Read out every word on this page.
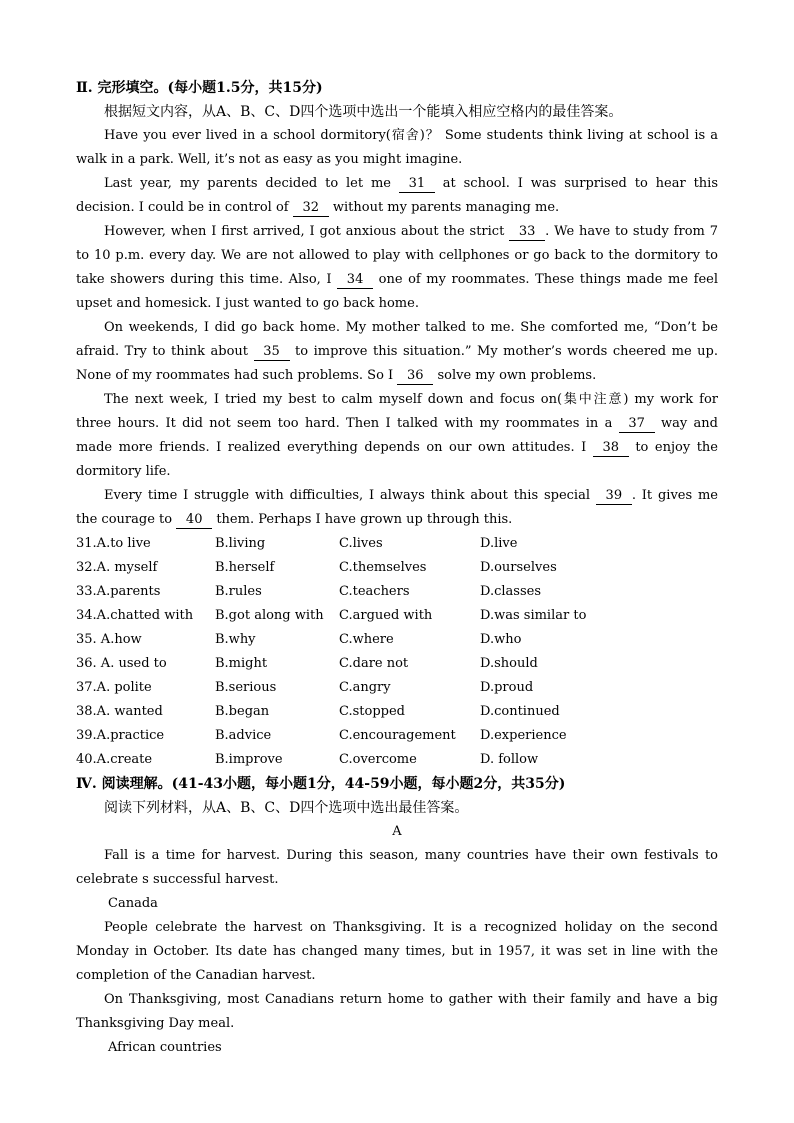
Ⅱ. 完形填空。(每小题1.5分，共15分)
根据短文内容，从A、B、C、D四个选项中选出一个能填入相应空格内的最佳答案。

Have you ever lived in a school dormitory(宿舍)？ Some students think living at school is a walk in a park. Well, it’s not as easy as you might imagine.

Last year, my parents decided to let me 31 at school. I was surprised to hear this decision. I could be in control of 32 without my parents managing me.

However, when I first arrived, I got anxious about the strict 33 . We have to study from 7 to 10 p.m. every day. We are not allowed to play with cellphones or go back to the dormitory to take showers during this time. Also, I 34 one of my roommates. These things made me feel upset and homesick. I just wanted to go back home.

On weekends, I did go back home. My mother talked to me. She comforted me, “Don’t be afraid. Try to think about 35 to improve this situation.” My mother’s words cheered me up. None of my roommates had such problems. So I 36 solve my own problems.

The next week, I tried my best to calm myself down and focus on(集中注意) my work for three hours. It did not seem too hard. Then I talked with my roommates in a 37 way and made more friends. I realized everything depends on our own attitudes. I 38 to enjoy the dormitory life.

Every time I struggle with difficulties, I always think about this special 39 . It gives me the courage to 40 them. Perhaps I have grown up through this.

31.A.to live	B.living	C.lives	D.live
32.A. myself	B.herself	C.themselves	D.ourselves
33.A.parents	B.rules	C.teachers	D.classes
34.A.chatted with	B.got along with	C.argued with	D.was similar to
35. A.how	B.why	C.where	D.who
36. A. used to	B.might	C.dare not	D.should
37.A. polite	B.serious	C.angry	D.proud
38.A. wanted	B.began	C.stopped	D.continued
39.A.practice	B.advice	C.encouragement	D.experience
40.A.create	B.improve	C.overcome	D. follow
Ⅳ. 阅读理解。(41-43小题，每小题1分，44-59小题，每小题2分，共35分)
阅读下列材料，从A、B、C、D四个选项中选出最佳答案。
A

Fall is a time for harvest. During this season, many countries have their own festivals to celebrate s successful harvest.

Canada

People celebrate the harvest on Thanksgiving. It is a recognized holiday on the second Monday in October. Its date has changed many times, but in 1957, it was set in line with the completion of the Canadian harvest.

On Thanksgiving, most Canadians return home to gather with their family and have a big Thanksgiving Day meal.

African countries
